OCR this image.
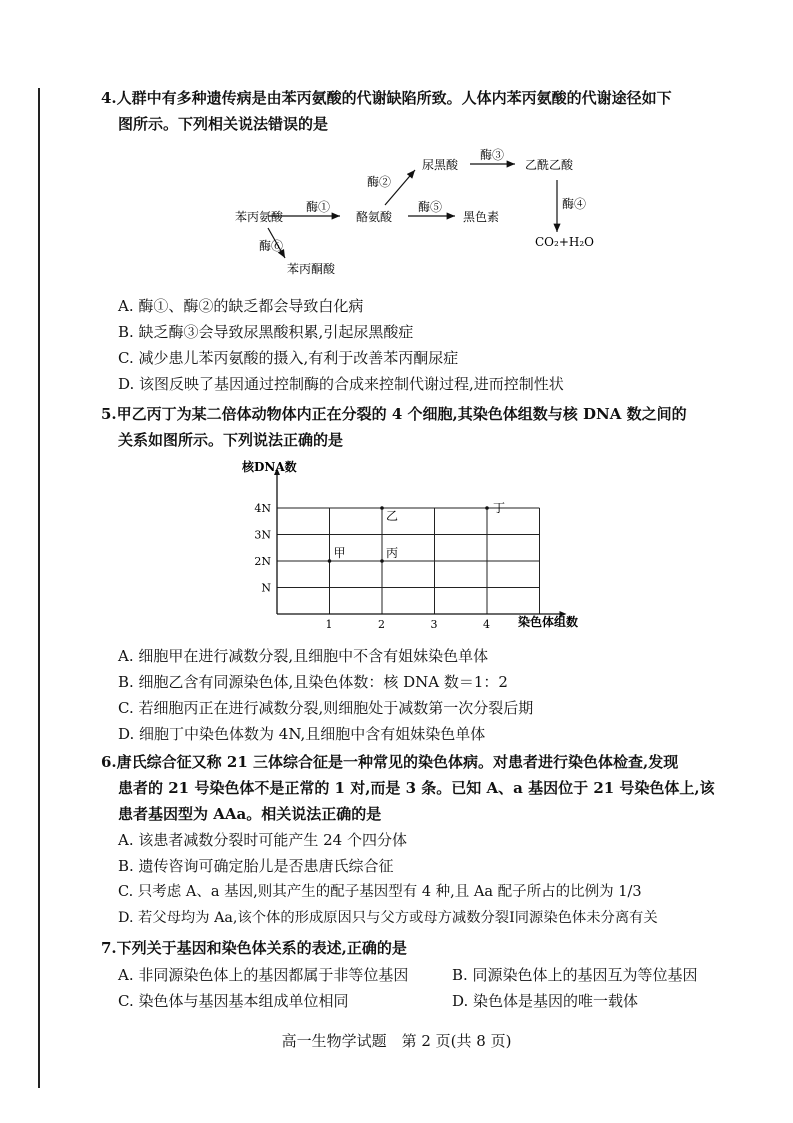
4.人群中有多种遗传病是由苯丙氨酸的代谢缺陷所致。人体内苯丙氨酸的代谢途径如下
图所示。下列相关说法错误的是
苯丙氨酸	酪氨酸
尿黑酸	乙酰乙酸
黑色素
苯丙酮酸
CO₂+H₂O
酶①
酶②
酶③
酶④
酶⑤
酶⑥
A. 酶①、酶②的缺乏都会导致白化病
B. 缺乏酶③会导致尿黑酸积累,引起尿黑酸症
C. 减少患儿苯丙氨酸的摄入,有利于改善苯丙酮尿症
D. 该图反映了基因通过控制酶的合成来控制代谢过程,进而控制性状
5.甲乙丙丁为某二倍体动物体内正在分裂的 4 个细胞,其染色体组数与核 DNA 数之间的
关系如图所示。下列说法正确的是
1	2	3	4
N
2N
3N
4N
甲	丙
乙
丁
核DNA数
染色体组数
A. 细胞甲在进行减数分裂,且细胞中不含有姐妹染色单体
B. 细胞乙含有同源染色体,且染色体数：核 DNA 数＝1：2
C. 若细胞丙正在进行减数分裂,则细胞处于减数第一次分裂后期
D. 细胞丁中染色体数为 4N,且细胞中含有姐妹染色单体
6.唐氏综合征又称 21 三体综合征是一种常见的染色体病。对患者进行染色体检查,发现
患者的 21 号染色体不是正常的 1 对,而是 3 条。已知 A、a 基因位于 21 号染色体上,该
患者基因型为 AAa。相关说法正确的是
A. 该患者减数分裂时可能产生 24 个四分体
B. 遗传咨询可确定胎儿是否患唐氏综合征
C. 只考虑 A、a 基因,则其产生的配子基因型有 4 种,且 Aa 配子所占的比例为 1/3
D. 若父母均为 Aa,该个体的形成原因只与父方或母方减数分裂Ⅰ同源染色体未分离有关
7.下列关于基因和染色体关系的表述,正确的是
A. 非同源染色体上的基因都属于非等位基因	B. 同源染色体上的基因互为等位基因
C. 染色体与基因基本组成单位相同	D. 染色体是基因的唯一载体
高一生物学试题　第 2 页(共 8 页)
